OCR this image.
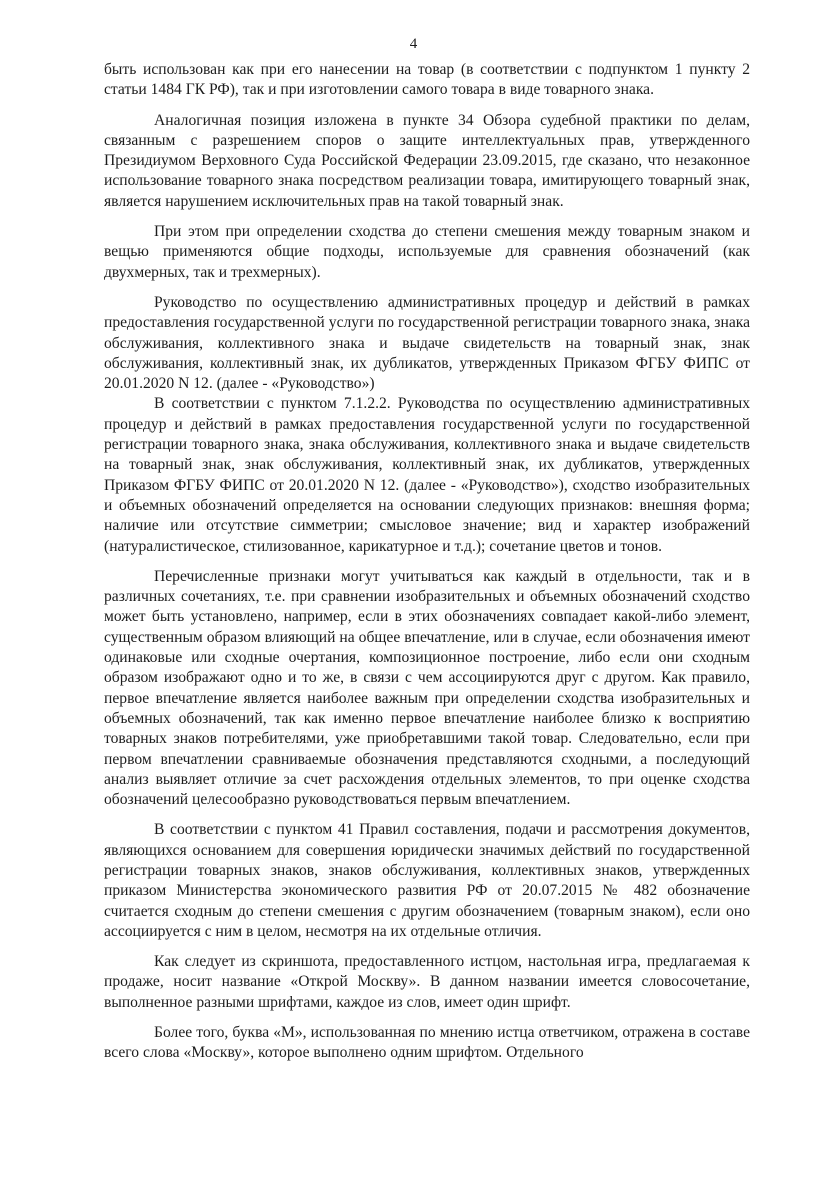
4

быть использован как при его нанесении на товар (в соответствии с подпунктом 1 пункту 2 статьи 1484 ГК РФ), так и при изготовлении самого товара в виде товарного знака.

Аналогичная позиция изложена в пункте 34 Обзора судебной практики по делам, связанным с разрешением споров о защите интеллектуальных прав, утвержденного Президиумом Верховного Суда Российской Федерации 23.09.2015, где сказано, что незаконное использование товарного знака посредством реализации товара, имитирующего товарный знак, является нарушением исключительных прав на такой товарный знак.

При этом при определении сходства до степени смешения между товарным знаком и вещью применяются общие подходы, используемые для сравнения обозначений (как двухмерных, так и трехмерных).

Руководство по осуществлению административных процедур и действий в рамках предоставления государственной услуги по государственной регистрации товарного знака, знака обслуживания, коллективного знака и выдаче свидетельств на товарный знак, знак обслуживания, коллективный знак, их дубликатов, утвержденных Приказом ФГБУ ФИПС от 20.01.2020 N 12. (далее - «Руководство»)

В соответствии с пунктом 7.1.2.2. Руководства по осуществлению административных процедур и действий в рамках предоставления государственной услуги по государственной регистрации товарного знака, знака обслуживания, коллективного знака и выдаче свидетельств на товарный знак, знак обслуживания, коллективный знак, их дубликатов, утвержденных Приказом ФГБУ ФИПС от 20.01.2020 N 12. (далее - «Руководство»), сходство изобразительных и объемных обозначений определяется на основании следующих признаков: внешняя форма; наличие или отсутствие симметрии; смысловое значение; вид и характер изображений (натуралистическое, стилизованное, карикатурное и т.д.); сочетание цветов и тонов.

Перечисленные признаки могут учитываться как каждый в отдельности, так и в различных сочетаниях, т.е. при сравнении изобразительных и объемных обозначений сходство может быть установлено, например, если в этих обозначениях совпадает какой-либо элемент, существенным образом влияющий на общее впечатление, или в случае, если обозначения имеют одинаковые или сходные очертания, композиционное построение, либо если они сходным образом изображают одно и то же, в связи с чем ассоциируются друг с другом. Как правило, первое впечатление является наиболее важным при определении сходства изобразительных и объемных обозначений, так как именно первое впечатление наиболее близко к восприятию товарных знаков потребителями, уже приобретавшими такой товар. Следовательно, если при первом впечатлении сравниваемые обозначения представляются сходными, а последующий анализ выявляет отличие за счет расхождения отдельных элементов, то при оценке сходства обозначений целесообразно руководствоваться первым впечатлением.

В соответствии с пунктом 41 Правил составления, подачи и рассмотрения документов, являющихся основанием для совершения юридически значимых действий по государственной регистрации товарных знаков, знаков обслуживания, коллективных знаков, утвержденных приказом Министерства экономического развития РФ от 20.07.2015 № 482 обозначение считается сходным до степени смешения с другим обозначением (товарным знаком), если оно ассоциируется с ним в целом, несмотря на их отдельные отличия.

Как следует из скриншота, предоставленного истцом, настольная игра, предлагаемая к продаже, носит название «Открой Москву». В данном названии имеется словосочетание, выполненное разными шрифтами, каждое из слов, имеет один шрифт.

Более того, буква «М», использованная по мнению истца ответчиком, отражена в составе всего слова «Москву», которое выполнено одним шрифтом. Отдельного
